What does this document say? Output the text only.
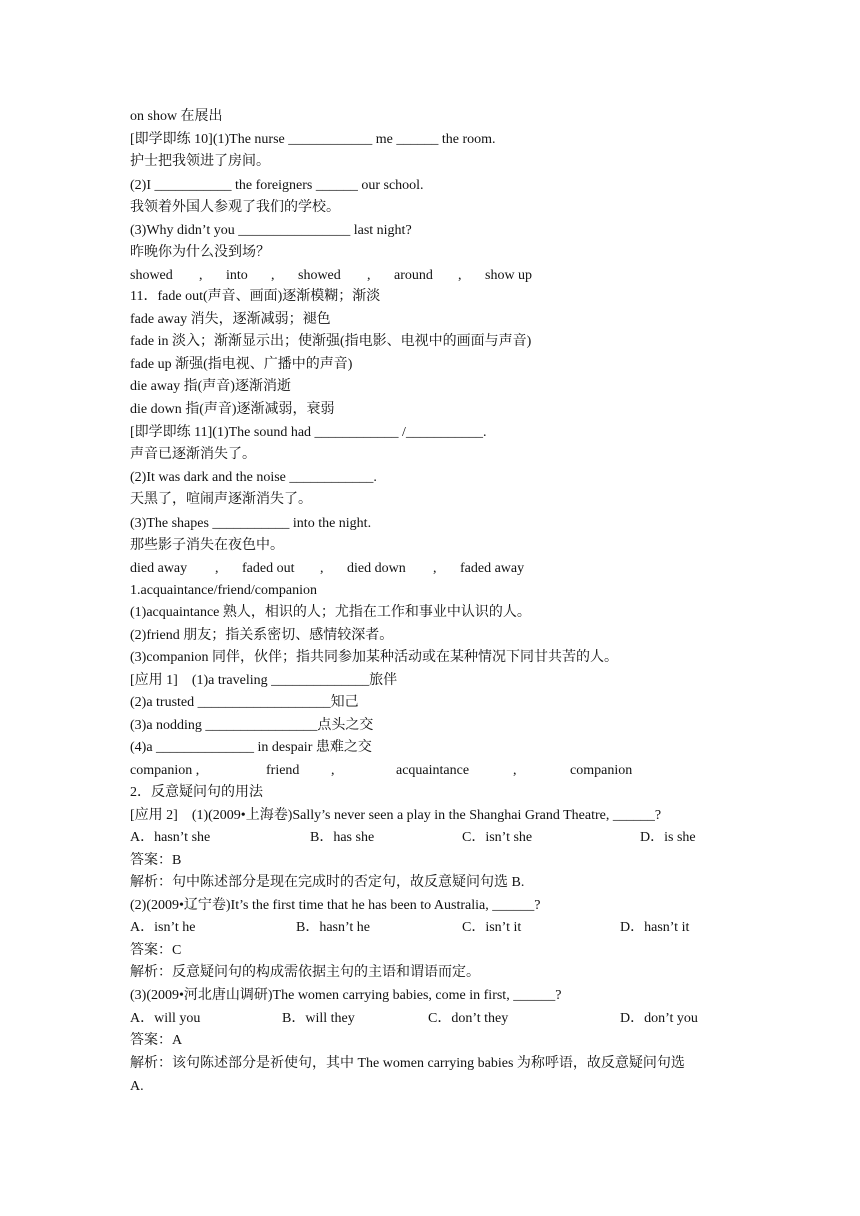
on show 在展出
[即学即练 10](1)The nurse ____________ me ______ the room.
护士把我领进了房间。
(2)I ___________ the foreigners ______ our school.
我领着外国人参观了我们的学校。
(3)Why didn’t you ________________ last night?
昨晚你为什么没到场？
showed , into , showed , around , show up
11．fade out(声音、画面)逐渐模糊；渐淡
fade away 消失，逐渐减弱；褪色
fade in 淡入；渐渐显示出；使渐强(指电影、电视中的画面与声音)
fade up 渐强(指电视、广播中的声音)
die away 指(声音)逐渐消逝
die down 指(声音)逐渐减弱，衰弱
[即学即练 11](1)The sound had ____________ /___________.
声音已逐渐消失了。
(2)It was dark and the noise ____________.
天黑了，喧闹声逐渐消失了。
(3)The shapes ___________ into the night.
那些影子消失在夜色中。
died away , faded out , died down , faded away
1.acquaintance/friend/companion
(1)acquaintance 熟人，相识的人；尤指在工作和事业中认识的人。
(2)friend 朋友；指关系密切、感情较深者。
(3)companion 同伴，伙伴；指共同参加某种活动或在某种情况下同甘共苦的人。
[应用 1]　(1)a traveling ______________旅伴
(2)a trusted ___________________知己
(3)a nodding ________________点头之交
(4)a ______________ in despair 患难之交
companion ,	friend ,	acquaintance	,	companion
2．反意疑问句的用法
[应用 2]　(1)(2009•上海卷)Sally’s never seen a play in the Shanghai Grand Theatre, ______?
A．hasn’t she	B．has she	C．isn’t she	D．is she
答案：B
解析：句中陈述部分是现在完成时的否定句，故反意疑问句选 B.
(2)(2009•辽宁卷)It’s the first time that he has been to Australia, ______?
A．isn’t he	B．hasn’t he	C．isn’t it	D．hasn’t it
答案：C
解析：反意疑问句的构成需依据主句的主语和谓语而定。
(3)(2009•河北唐山调研)The women carrying babies, come in first, ______?
A．will you	B．will they	C．don’t they	D．don’t you
答案：A
解析：该句陈述部分是祈使句，其中 The women carrying babies 为称呼语，故反意疑问句选
A.
